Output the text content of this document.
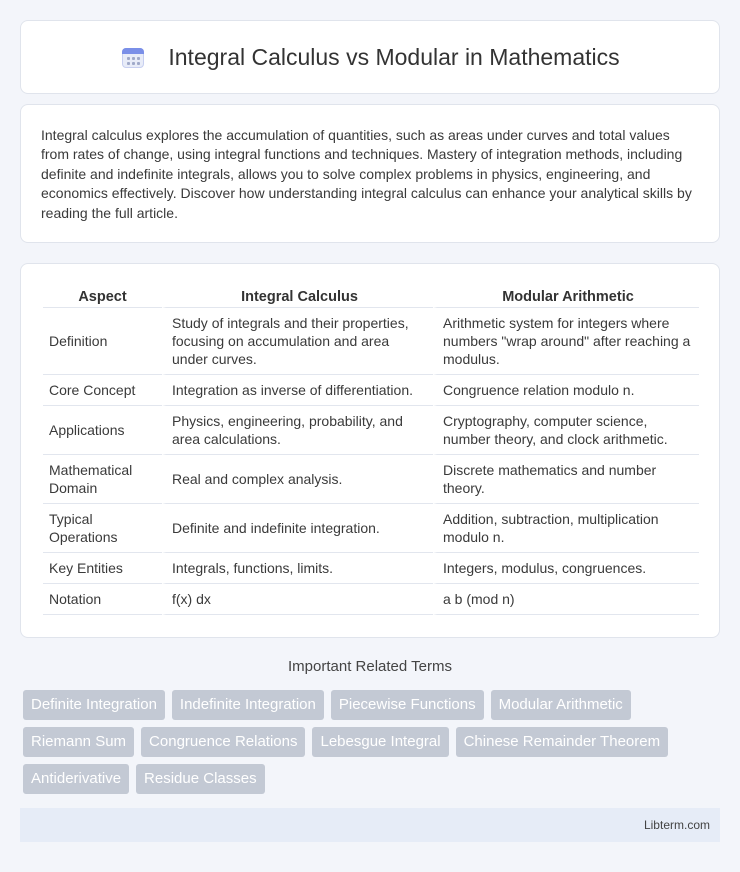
Integral Calculus vs Modular in Mathematics

Integral calculus explores the accumulation of quantities, such as areas under curves and total values from rates of change, using integral functions and techniques. Mastery of integration methods, including definite and indefinite integrals, allows you to solve complex problems in physics, engineering, and economics effectively. Discover how understanding integral calculus can enhance your analytical skills by reading the full article.

Aspect	Integral Calculus	Modular Arithmetic
Definition	Study of integrals and their properties, focusing on accumulation and area under curves.	Arithmetic system for integers where numbers "wrap around" after reaching a modulus.
Core Concept	Integration as inverse of differentiation.	Congruence relation modulo n.
Applications	Physics, engineering, probability, and area calculations.	Cryptography, computer science, number theory, and clock arithmetic.
Mathematical Domain	Real and complex analysis.	Discrete mathematics and number theory.
Typical Operations	Definite and indefinite integration.	Addition, subtraction, multiplication modulo n.
Key Entities	Integrals, functions, limits.	Integers, modulus, congruences.
Notation	f(x) dx	a b (mod n)
Important Related Terms
Definite Integration	Indefinite Integration	Piecewise Functions	Modular Arithmetic
Riemann Sum	Congruence Relations	Lebesgue Integral	Chinese Remainder Theorem
Antiderivative	Residue Classes
Libterm.com
